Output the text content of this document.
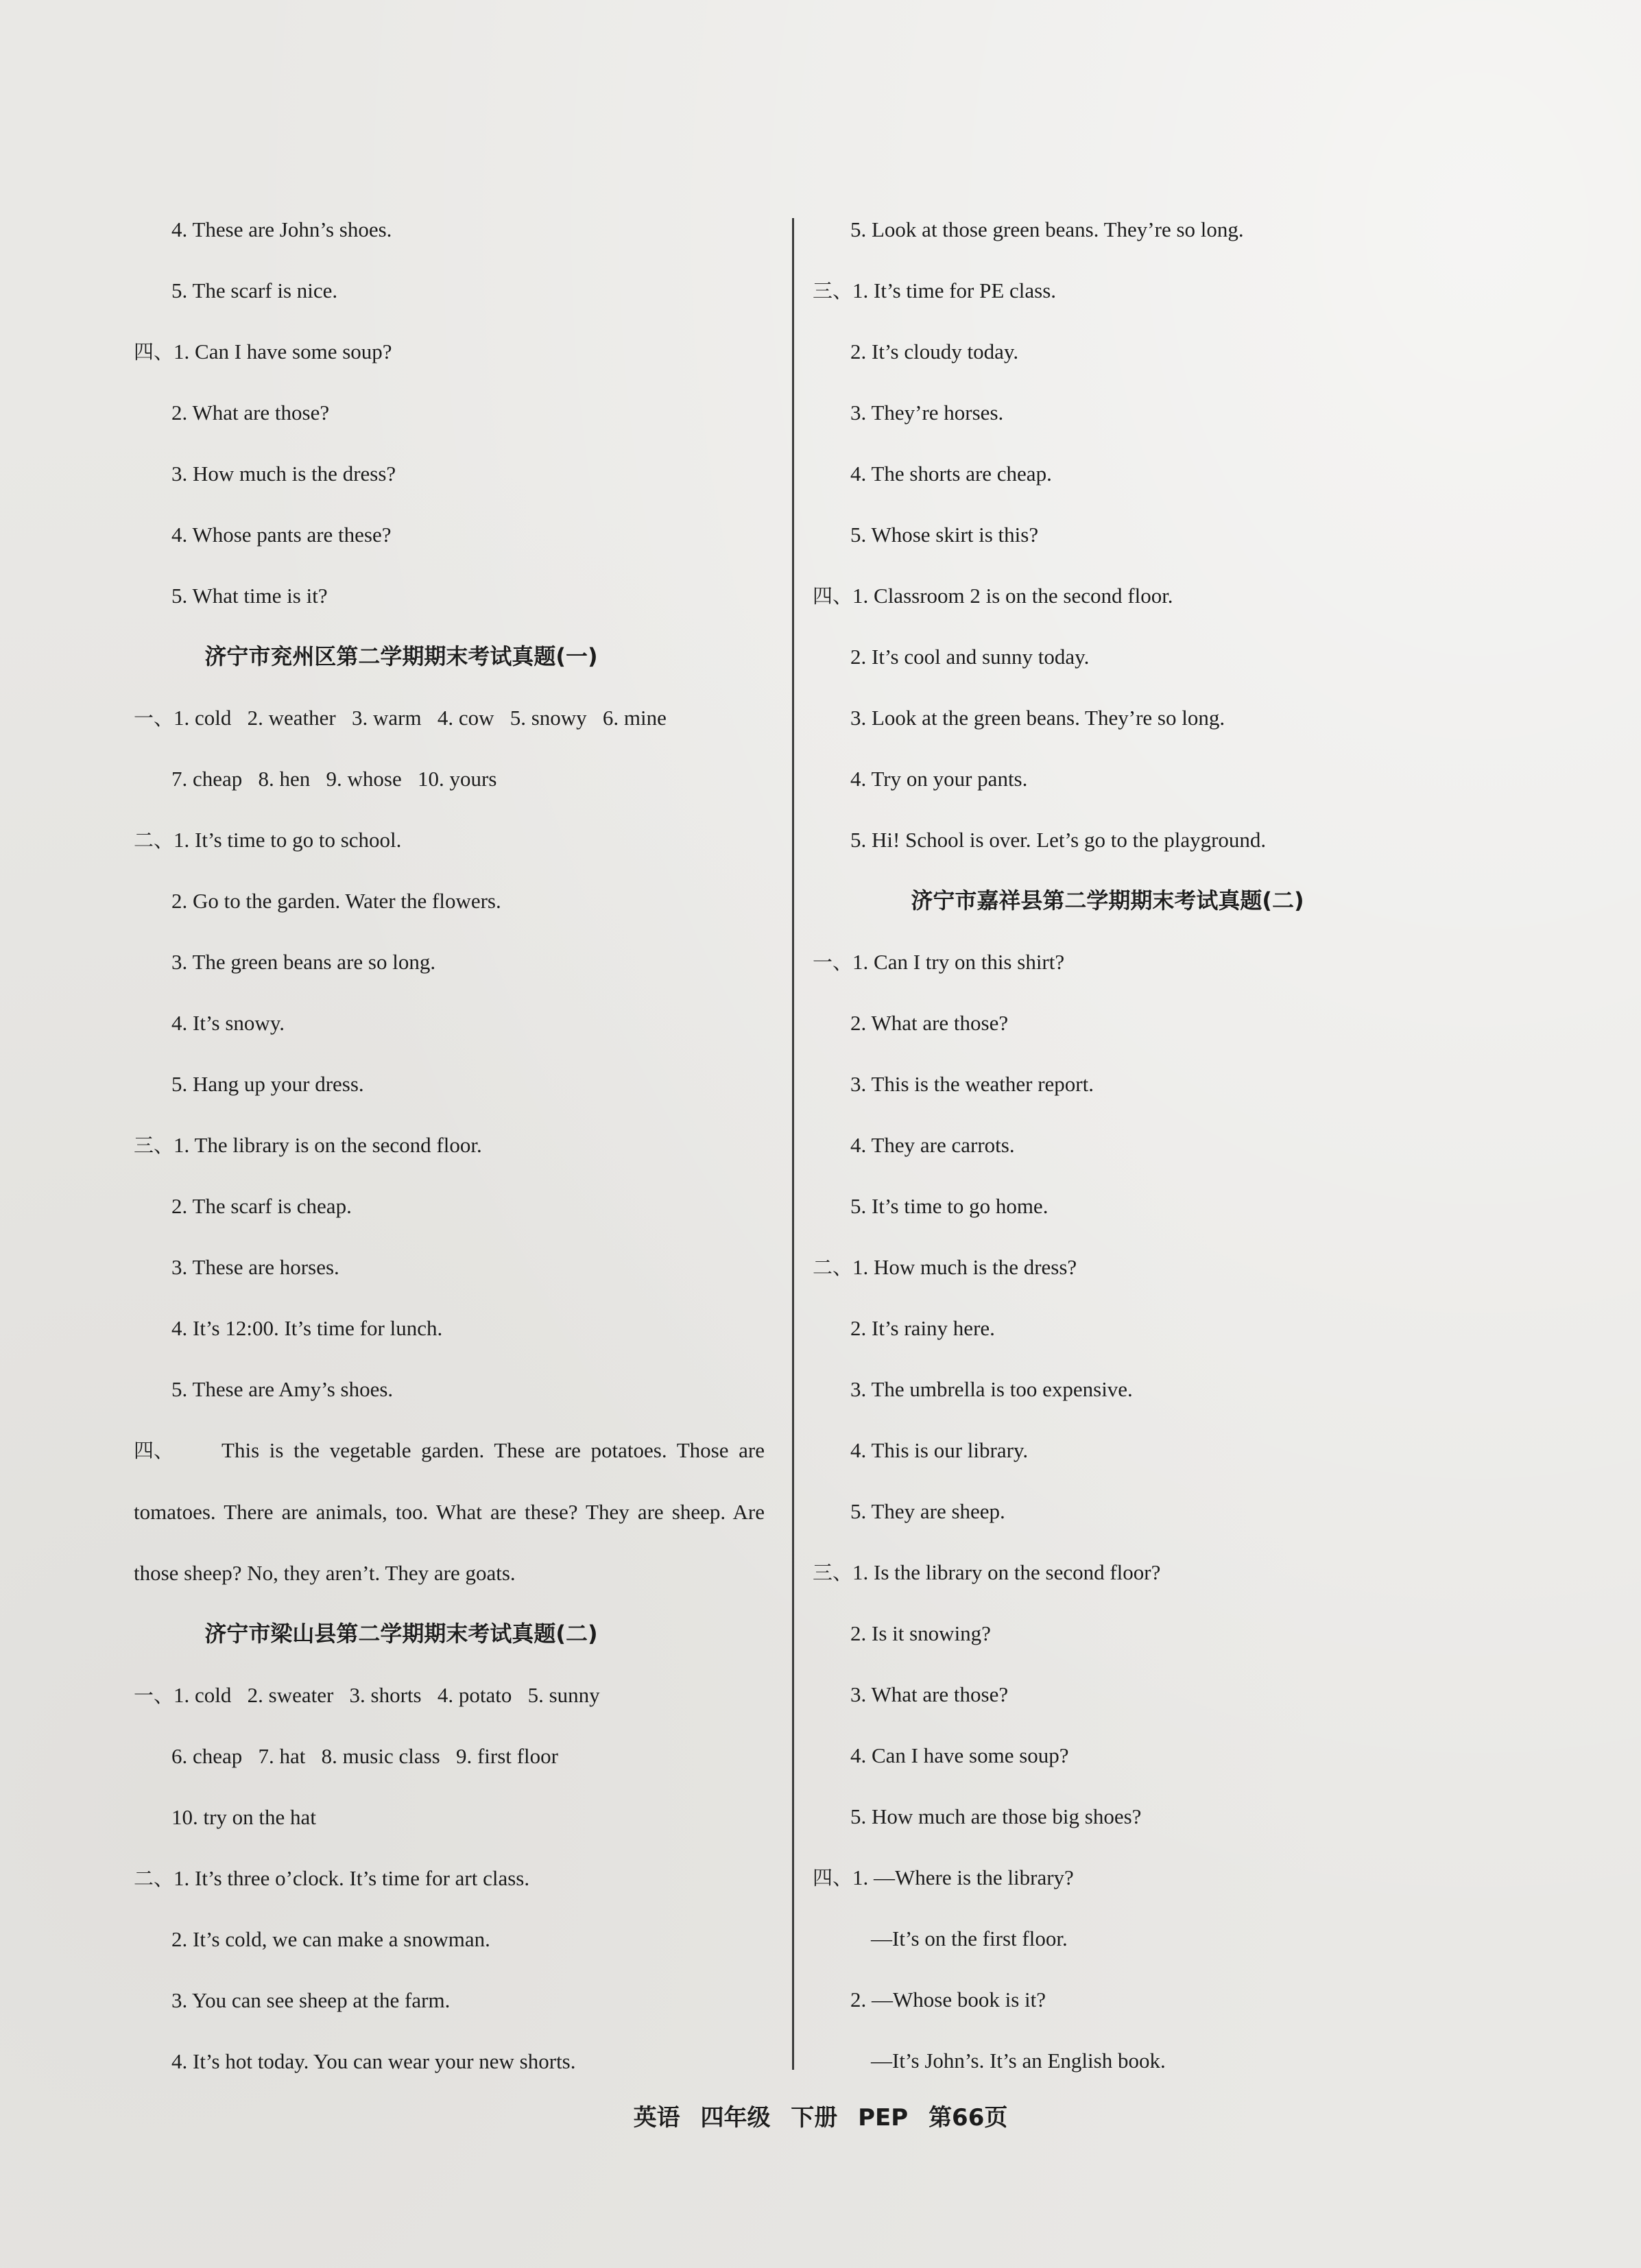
4. These are John’s shoes.
5. The scarf is nice.
四、1. Can I have some soup?
2. What are those?
3. How much is the dress?
4. Whose pants are these?
5. What time is it?
济宁市兖州区第二学期期末考试真题(一)
一、1. cold   2. weather   3. warm   4. cow   5. snowy   6. mine
7. cheap   8. hen   9. whose   10. yours
二、1. It’s time to go to school.
2. Go to the garden. Water the flowers.
3. The green beans are so long.
4. It’s snowy.
5. Hang up your dress.
三、1. The library is on the second floor.
2. The scarf is cheap.
3. These are horses.
4. It’s 12:00. It’s time for lunch.
5. These are Amy’s shoes.
四、 This is the vegetable garden. These are potatoes. Those are tomatoes. There are animals, too. What are these? They are sheep. Are those sheep? No, they aren’t. They are goats.
济宁市梁山县第二学期期末考试真题(二)
一、1. cold   2. sweater   3. shorts   4. potato   5. sunny
6. cheap   7. hat   8. music class   9. first floor
10. try on the hat
二、1. It’s three o’clock. It’s time for art class.
2. It’s cold, we can make a snowman.
3. You can see sheep at the farm.
4. It’s hot today. You can wear your new shorts.
5. Look at those green beans. They’re so long.
三、1. It’s time for PE class.
2. It’s cloudy today.
3. They’re horses.
4. The shorts are cheap.
5. Whose skirt is this?
四、1. Classroom 2 is on the second floor.
2. It’s cool and sunny today.
3. Look at the green beans. They’re so long.
4. Try on your pants.
5. Hi! School is over. Let’s go to the playground.
济宁市嘉祥县第二学期期末考试真题(二)
一、1. Can I try on this shirt?
2. What are those?
3. This is the weather report.
4. They are carrots.
5. It’s time to go home.
二、1. How much is the dress?
2. It’s rainy here.
3. The umbrella is too expensive.
4. This is our library.
5. They are sheep.
三、1. Is the library on the second floor?
2. Is it snowing?
3. What are those?
4. Can I have some soup?
5. How much are those big shoes?
四、1. —Where is the library?
—It’s on the first floor.
2. —Whose book is it?
—It’s John’s. It’s an English book.
英语 四年级 下册 PEP 第66页
